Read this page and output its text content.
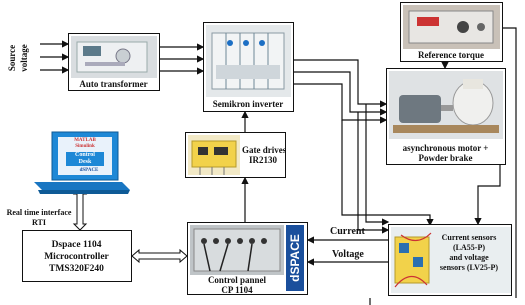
Source voltage
Auto transformer
Semikron inverter
Reference torque
asynchronous motor +
Powder brake
Gate drives
IR2130
MATLAB
Simulink
Control
Desk
dSPACE
Real time interface
RTI
Dspace 1104
Microcontroller
TMS320F240	dSPACE
Control pannel
CP 1104
Current
Voltage
Current sensors
(LA55-P)
and voltage
sensors (LV25-P)
